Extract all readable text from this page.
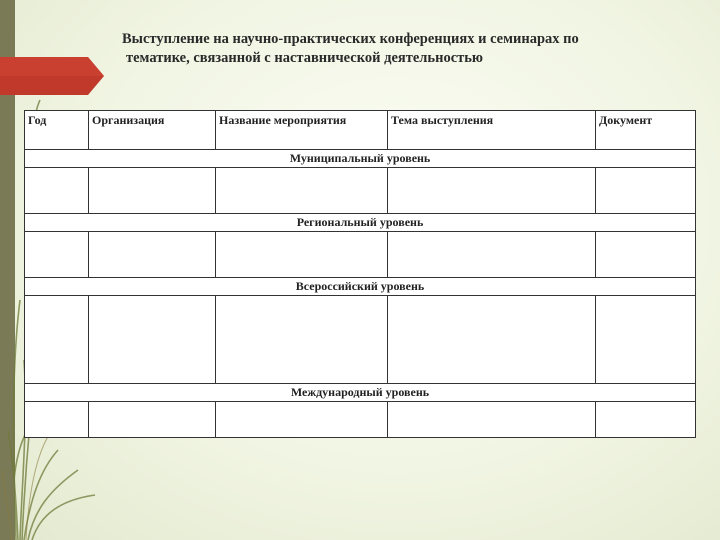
Выступление на научно-практических конференциях и семинарах по
тематике, связанной с наставнической деятельностью
Год	Организация	Название мероприятия	Тема выступления	Документ
Муниципальный уровень				

Региональный уровень				

Всероссийский уровень				

Международный уровень				
